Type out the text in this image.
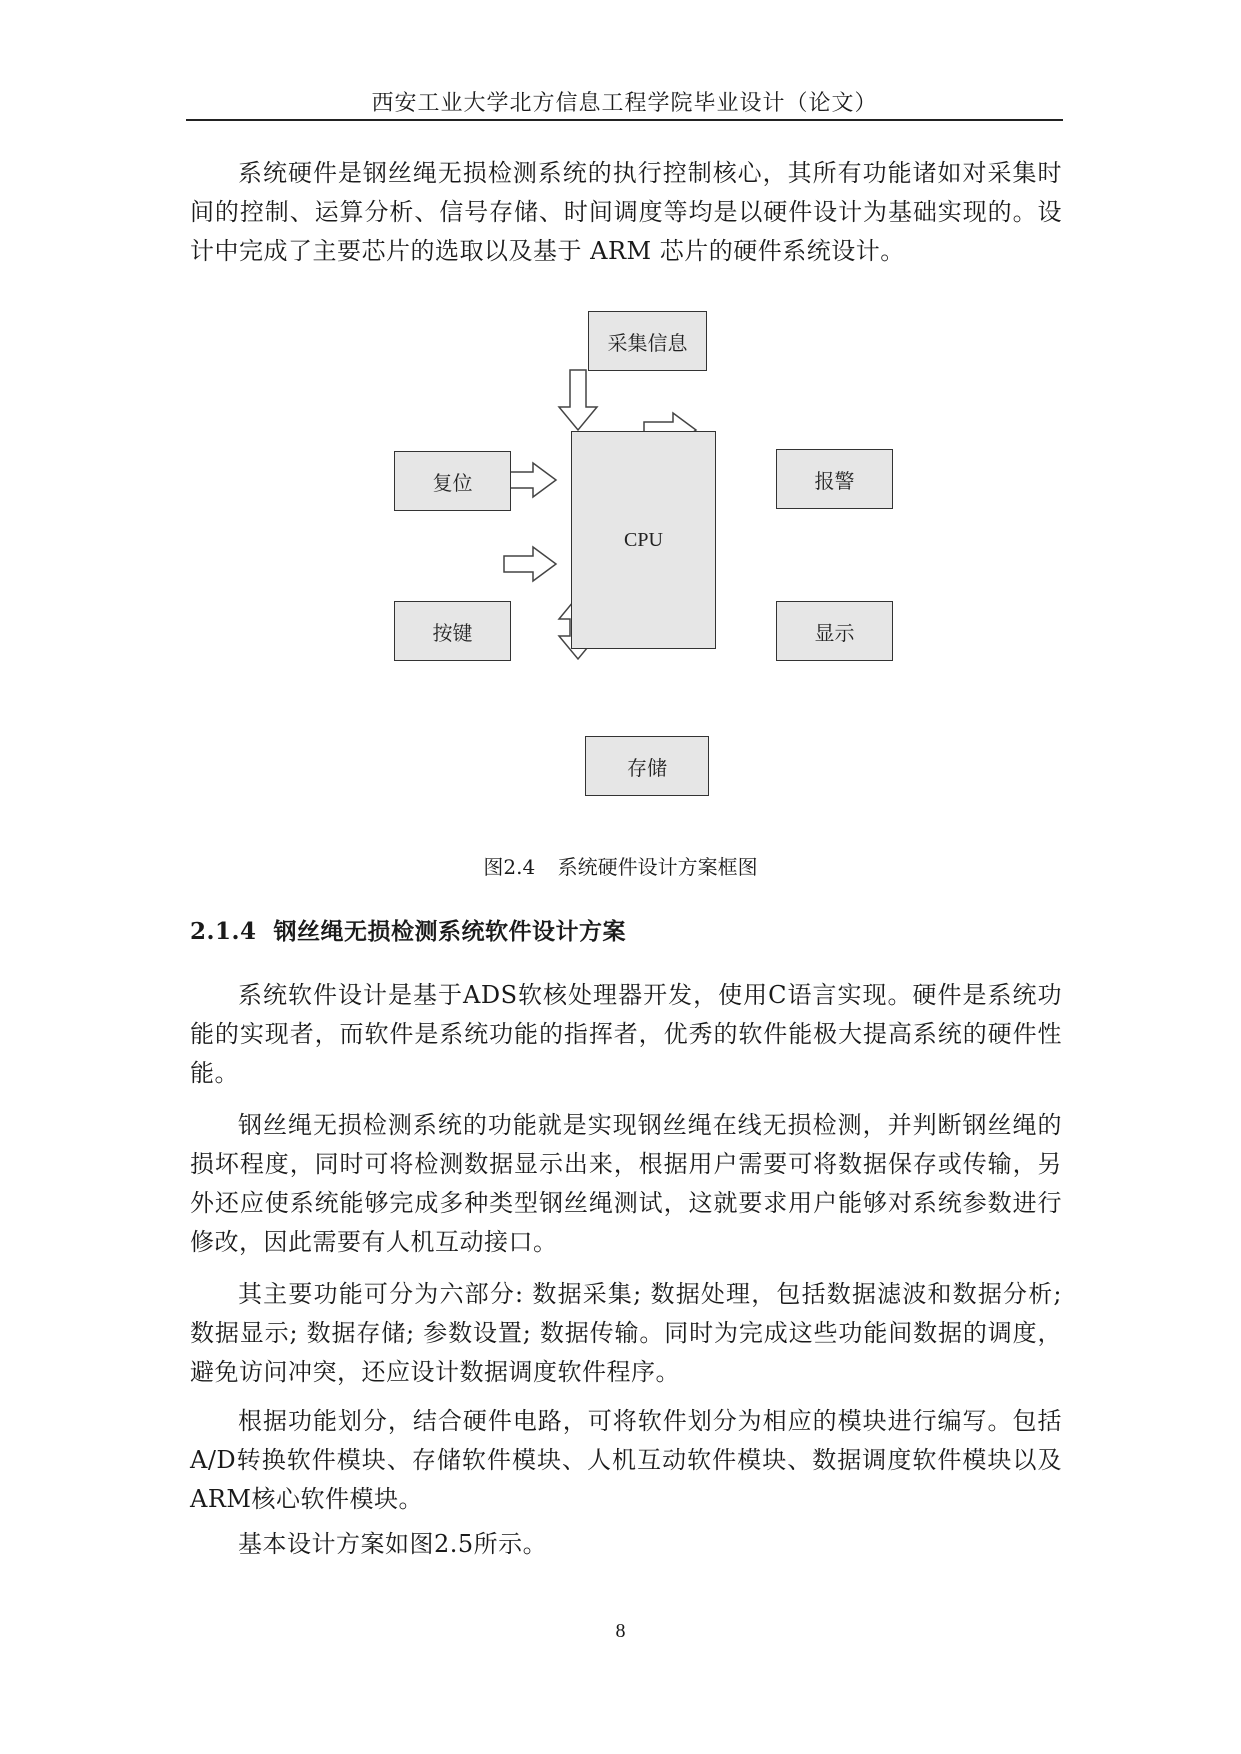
西安工业大学北方信息工程学院毕业设计（论文）

系统硬件是钢丝绳无损检测系统的执行控制核心，其所有功能诸如对采集时间的控制、运算分析、信号存储、时间调度等均是以硬件设计为基础实现的。设计中完成了主要芯片的选取以及基于 ARM 芯片的硬件系统设计。

采集信息
CPU
复位
按键
报警
显示
存储
图2.4 系统硬件设计方案框图
2.1.4 钢丝绳无损检测系统软件设计方案

系统软件设计是基于ADS软核处理器开发，使用C语言实现。硬件是系统功能的实现者，而软件是系统功能的指挥者，优秀的软件能极大提高系统的硬件性能。

钢丝绳无损检测系统的功能就是实现钢丝绳在线无损检测，并判断钢丝绳的损坏程度，同时可将检测数据显示出来，根据用户需要可将数据保存或传输，另外还应使系统能够完成多种类型钢丝绳测试，这就要求用户能够对系统参数进行修改，因此需要有人机互动接口。

其主要功能可分为六部分: 数据采集; 数据处理，包括数据滤波和数据分析; 数据显示; 数据存储; 参数设置; 数据传输。同时为完成这些功能间数据的调度，避免访问冲突，还应设计数据调度软件程序。

根据功能划分，结合硬件电路，可将软件划分为相应的模块进行编写。包括A/D转换软件模块、存储软件模块、人机互动软件模块、数据调度软件模块以及ARM核心软件模块。

基本设计方案如图2.5所示。

8
